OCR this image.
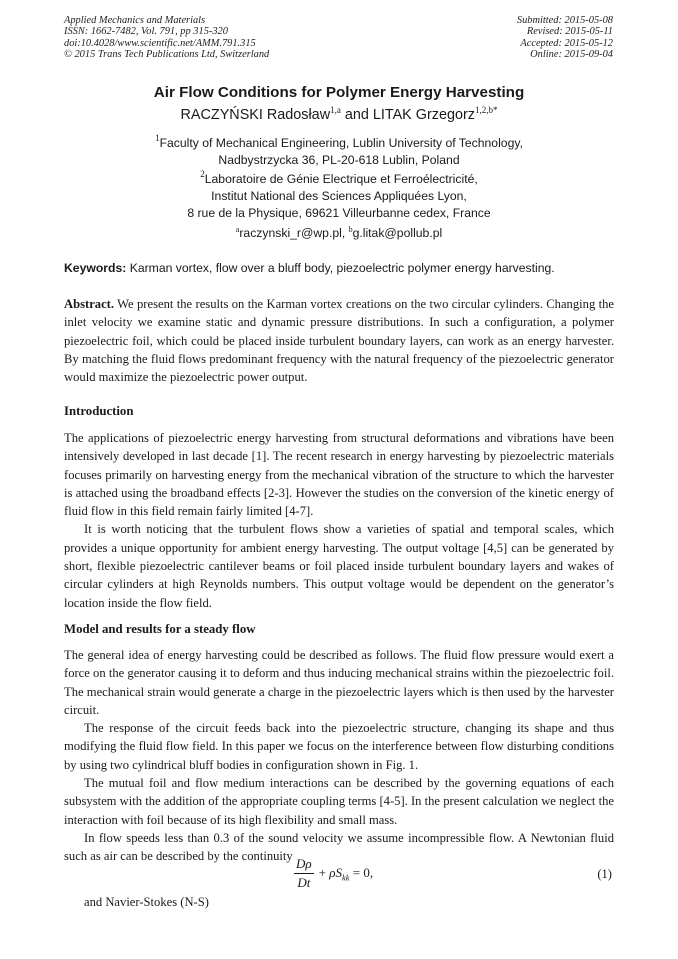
Applied Mechanics and Materials
ISSN: 1662-7482, Vol. 791, pp 315-320
doi:10.4028/www.scientific.net/AMM.791.315
© 2015 Trans Tech Publications Ltd, Switzerland
Submitted: 2015-05-08
Revised: 2015-05-11
Accepted: 2015-05-12
Online: 2015-09-04
Air Flow Conditions for Polymer Energy Harvesting
RACZYŃSKI Radosław$^{1,a}$ and LITAK Grzegorz$^{1,2,b*}$
$^1$Faculty of Mechanical Engineering, Lublin University of Technology,
Nadbystrzycka 36, PL-20-618 Lublin, Poland
$^2$Laboratoire de Génie Electrique et Ferroélectricité,
Institut National des Sciences Appliquées Lyon,
8 rue de la Physique, 69621 Villeurbanne cedex, France
$^a$raczynski_r@wp.pl, $^b$g.litak@pollub.pl
Keywords: Karman vortex, flow over a bluff body, piezoelectric polymer energy harvesting.

Abstract. We present the results on the Karman vortex creations on the two circular cylinders. Changing the inlet velocity we examine static and dynamic pressure distributions. In such a configuration, a polymer piezoelectric foil, which could be placed inside turbulent boundary layers, can work as an energy harvester. By matching the fluid flows predominant frequency with the natural frequency of the piezoelectric generator would maximize the piezoelectric power output.

Introduction

The applications of piezoelectric energy harvesting from structural deformations and vibrations have been intensively developed in last decade [1]. The recent research in energy harvesting by piezoelectric materials focuses primarily on harvesting energy from the mechanical vibration of the structure to which the harvester is attached using the broadband effects [2-3]. However the studies on the conversion of the kinetic energy of fluid flow in this field remain fairly limited [4-7].

It is worth noticing that the turbulent flows show a varieties of spatial and temporal scales, which provides a unique opportunity for ambient energy harvesting. The output voltage [4,5] can be generated by short, flexible piezoelectric cantilever beams or foil placed inside turbulent boundary layers and wakes of circular cylinders at high Reynolds numbers. This output voltage would be dependent on the generator’s location inside the flow field.

Model and results for a steady flow

The general idea of energy harvesting could be described as follows. The fluid flow pressure would exert a force on the generator causing it to deform and thus inducing mechanical strains within the piezoelectric foil. The mechanical strain would generate a charge in the piezoelectric layers which is then used by the harvester circuit.

The response of the circuit feeds back into the piezoelectric structure, changing its shape and thus modifying the fluid flow field. In this paper we focus on the interference between flow disturbing conditions by using two cylindrical bluff bodies in configuration shown in Fig. 1.

The mutual foil and flow medium interactions can be described by the governing equations of each subsystem with the addition of the appropriate coupling terms [4-5]. In the present calculation we neglect the interaction with foil because of its high flexibility and small mass.

In flow speeds less than 0.3 of the sound velocity we assume incompressible flow. A Newtonian fluid such as air can be described by the continuity $\frac{D\rho}{Dt} + \rho S_{kk} = 0$,	(1)
and Navier-Stokes (N-S)
